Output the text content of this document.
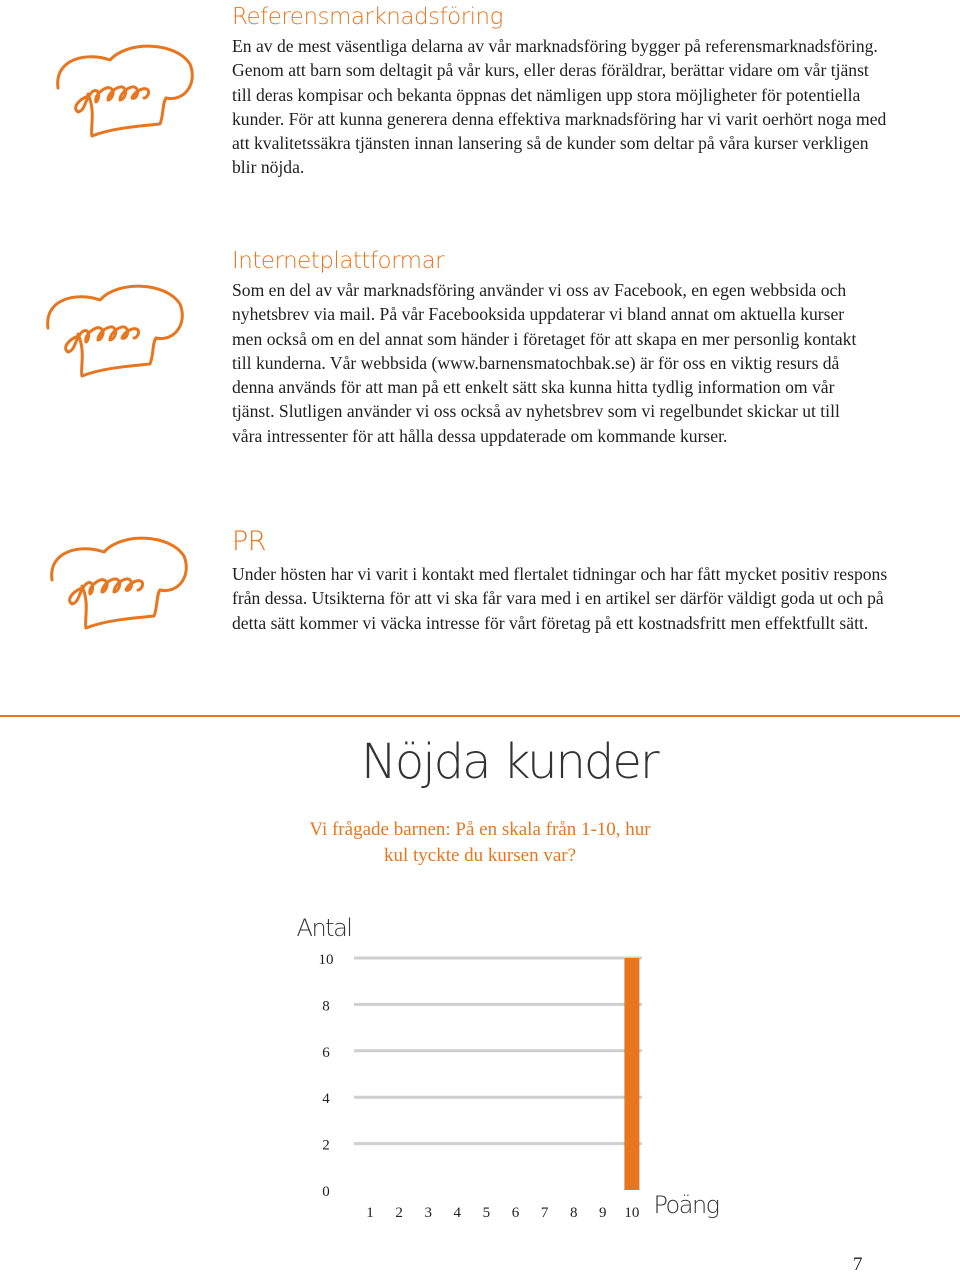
Referensmarknadsföring

En av de mest väsentliga delarna av vår marknadsföring bygger på referensmarknadsföring. Genom att barn som deltagit på vår kurs, eller deras föräldrar, berättar vidare om vår tjänst till deras kompisar och bekanta öppnas det nämligen upp stora möjligheter för potentiella kunder. För att kunna generera denna effektiva marknadsföring har vi varit oerhört noga med att kvalitetssäkra tjänsten innan lansering så de kunder som deltar på våra kurser verkligen blir nöjda.

Internetplattformar

Som en del av vår marknadsföring använder vi oss av Facebook, en egen webbsida och nyhetsbrev via mail. På vår Facebooksida uppdaterar vi bland annat om aktuella kurser men också om en del annat som händer i företaget för att skapa en mer personlig kontakt till kunderna. Vår webbsida (www.barnensmatochbak.se) är för oss en viktig resurs då denna används för att man på ett enkelt sätt ska kunna hitta tydlig information om vår tjänst. Slutligen använder vi oss också av nyhetsbrev som vi regelbundet skickar ut till våra intressenter för att hålla dessa uppdaterade om kommande kurser.

PR

Under hösten har vi varit i kontakt med flertalet tidningar och har fått mycket positiv respons från dessa. Utsikterna för att vi ska får vara med i en artikel ser därför väldigt goda ut och på detta sätt kommer vi väcka intresse för vårt företag på ett kostnadsfritt men effektfullt sätt.

Nöjda kunder

Vi frågade barnen: På en skala från 1-10, hur kul tyckte du kursen var?

0
2
4
6
8
10
Antal
Poäng
1 2 3 4 5 6 7 8 9 10
7
